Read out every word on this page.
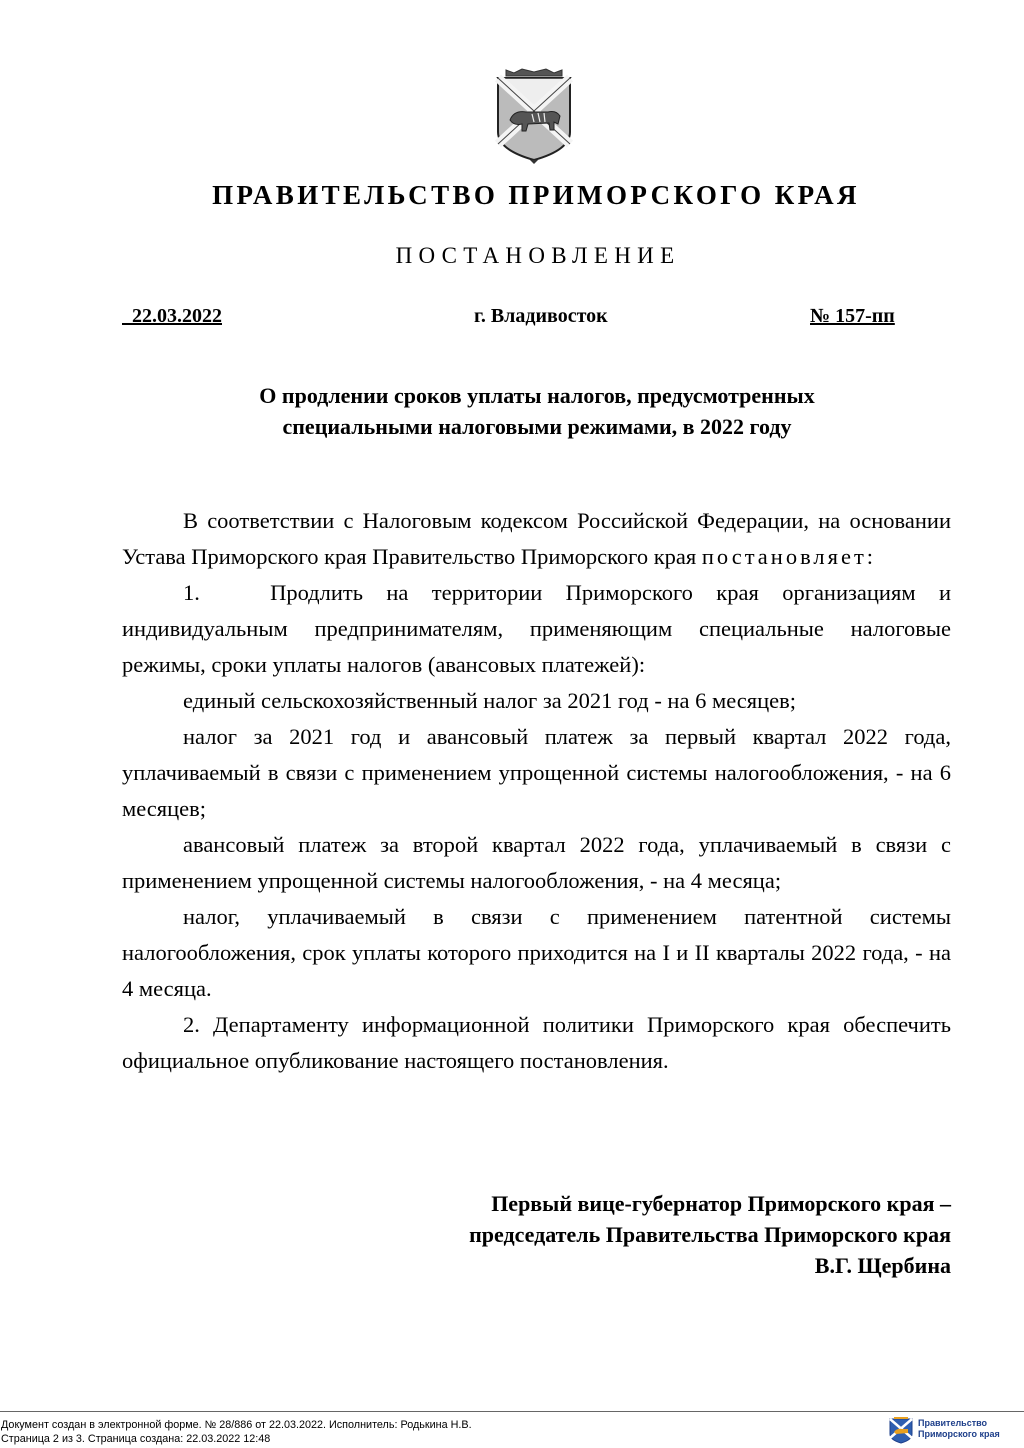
ПРАВИТЕЛЬСТВО ПРИМОРСКОГО КРАЯ
ПОСТАНОВЛЕНИЕ
22.03.2022	г. Владивосток	№ 157-пп
О продлении сроков уплаты налогов, предусмотренных
специальными налоговыми режимами, в 2022 году

В соответствии с Налоговым кодексом Российской Федерации, на основании Устава Приморского края Правительство Приморского края постановляет:

1.   Продлить на территории Приморского края организациям и индивидуальным предпринимателям, применяющим специальные налоговые режимы, сроки уплаты налогов (авансовых платежей):

единый сельскохозяйственный налог за 2021 год - на 6 месяцев;

налог за 2021 год и авансовый платеж за первый квартал 2022 года, уплачиваемый в связи с применением упрощенной системы налогообложения, - на 6 месяцев;

авансовый платеж за второй квартал 2022 года, уплачиваемый в связи с применением упрощенной системы налогообложения, - на 4 месяца;

налог, уплачиваемый в связи с применением патентной системы налогообложения, срок уплаты которого приходится на I и II кварталы 2022 года, - на 4 месяца.

2. Департаменту информационной политики Приморского края обеспечить официальное опубликование настоящего постановления.

Первый вице-губернатор Приморского края –
председатель Правительства Приморского края
В.Г. Щербина
Документ создан в электронной форме. № 28/886 от 22.03.2022. Исполнитель: Родькина Н.В.
Страница 2 из 3. Страница создана: 22.03.2022 12:48
Правительство
Приморского края
